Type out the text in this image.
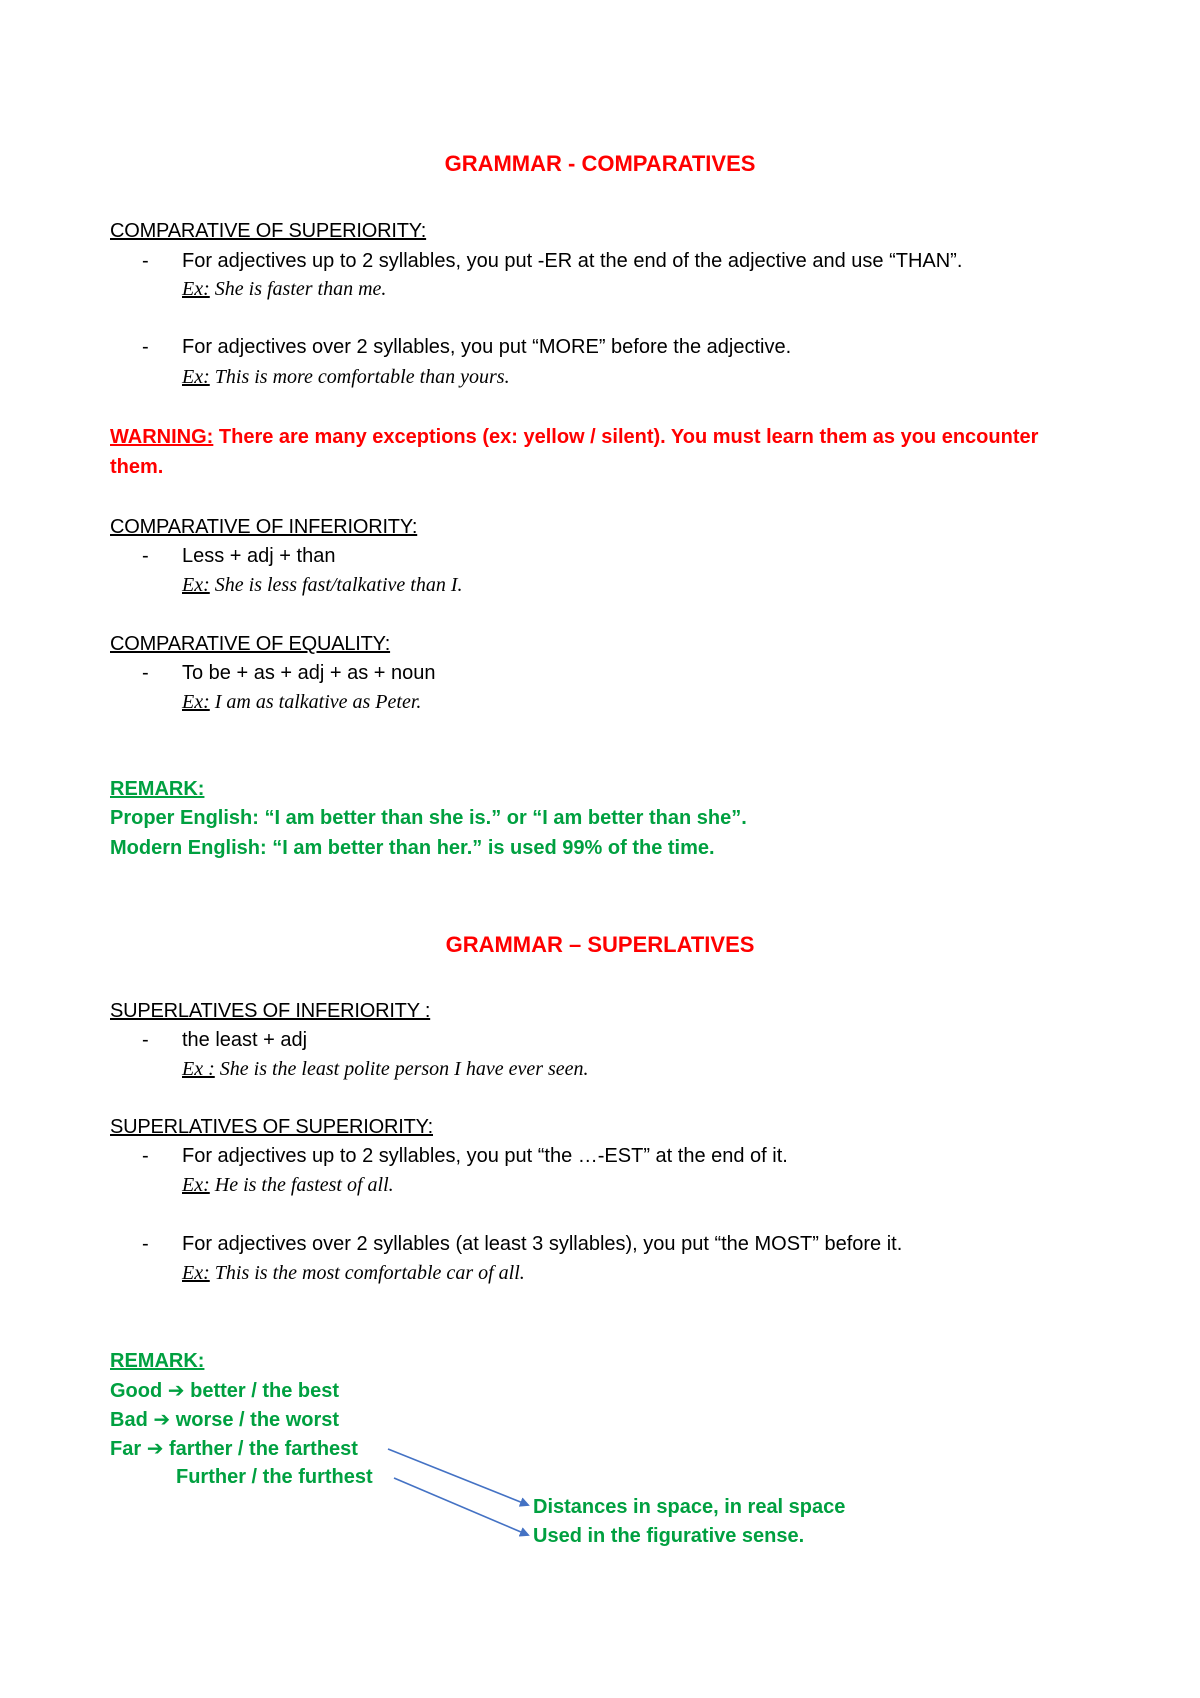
GRAMMAR - COMPARATIVES
COMPARATIVE OF SUPERIORITY:
- For adjectives up to 2 syllables, you put -ER at the end of the adjective and use “THAN”.
Ex: She is faster than me.
- For adjectives over 2 syllables, you put “MORE” before the adjective.
Ex: This is more comfortable than yours.
WARNING: There are many exceptions (ex: yellow / silent). You must learn them as you encounter
them.
COMPARATIVE OF INFERIORITY:
- Less + adj + than
Ex: She is less fast/talkative than I.
COMPARATIVE OF EQUALITY:
- To be + as + adj + as + noun
Ex: I am as talkative as Peter.
REMARK:
Proper English: “I am better than she is.” or “I am better than she”.
Modern English: “I am better than her.” is used 99% of the time.
GRAMMAR – SUPERLATIVES
SUPERLATIVES OF INFERIORITY :
- the least + adj
Ex : She is the least polite person I have ever seen.
SUPERLATIVES OF SUPERIORITY:
- For adjectives up to 2 syllables, you put “the …-EST” at the end of it.
Ex: He is the fastest of all.
- For adjectives over 2 syllables (at least 3 syllables), you put “the MOST” before it.
Ex: This is the most comfortable car of all.
REMARK:
Good ➔ better / the best
Bad ➔ worse / the worst
Far ➔ farther / the farthest
Further / the furthest
Distances in space, in real space
Used in the figurative sense.
